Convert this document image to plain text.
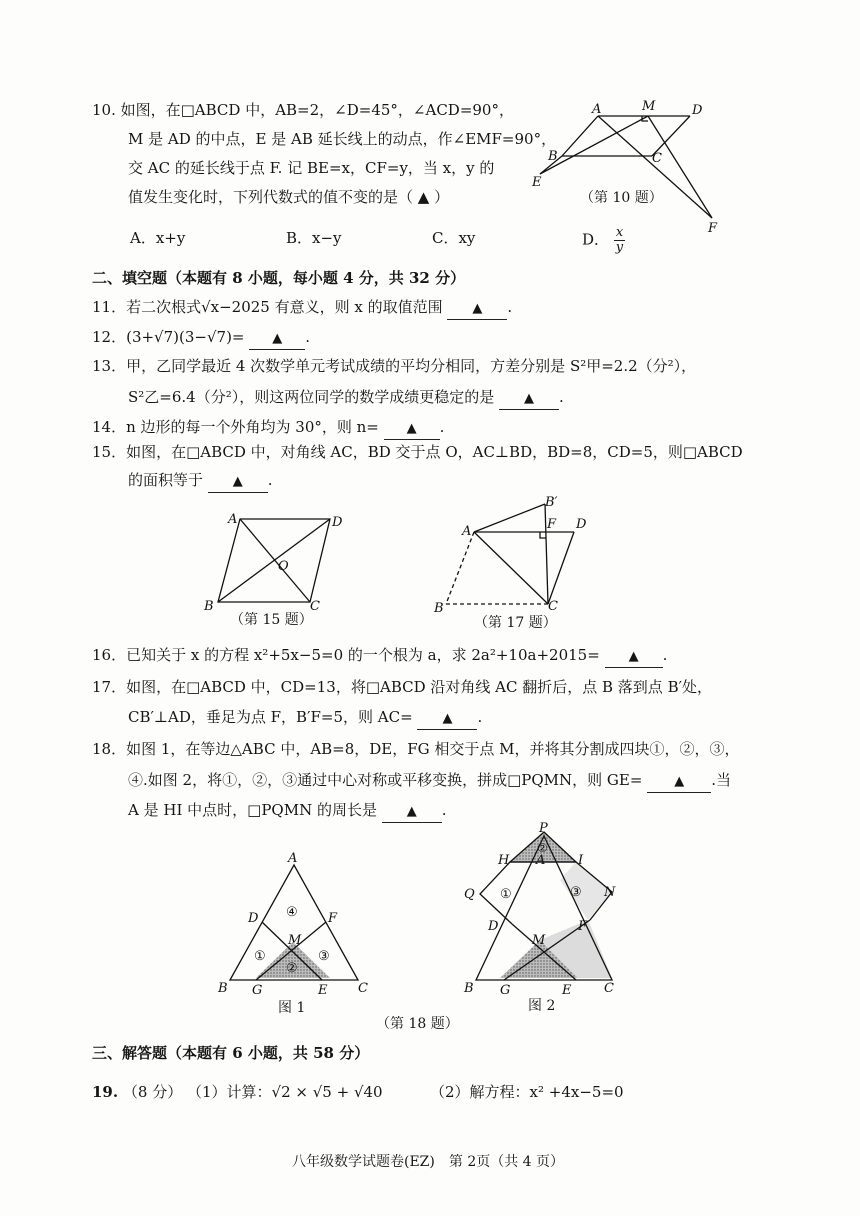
10. 如图，在□ABCD 中，AB=2，∠D=45°，∠ACD=90°，
M 是 AD 的中点，E 是 AB 延长线上的动点，作∠EMF=90°，
交 AC 的延长线于点 F. 记 BE=x，CF=y，当 x，y 的
值发生变化时，下列代数式的值不变的是（ ▲ ）	（第 10 题）
A．x+y	B．x−y	C．xy	D． $\frac{x}{y}$
二、填空题（本题有 8 小题，每小题 4 分，共 32 分）
11．若二次根式√x−2025 有意义，则 x 的取值范围 ▲ .
12．(3+√7)(3−√7)= ▲ .
13．甲，乙同学最近 4 次数学单元考试成绩的平均分相同，方差分别是 S²甲=2.2（分²），
S²乙=6.4（分²），则这两位同学的数学成绩更稳定的是 ▲ .
14．n 边形的每一个外角均为 30°，则 n= ▲ .
15．如图，在□ABCD 中，对角线 AC，BD 交于点 O，AC⊥BD，BD=8，CD=5，则□ABCD
的面积等于 ▲ .
（第 15 题）	（第 17 题）
16．已知关于 x 的方程 x²+5x−5=0 的一个根为 a，求 2a²+10a+2015= ▲ .
17．如图，在□ABCD 中，CD=13，将□ABCD 沿对角线 AC 翻折后，点 B 落到点 B′处，
CB′⊥AD，垂足为点 F，B′F=5，则 AC= ▲ .
18．如图 1，在等边△ABC 中，AB=8，DE，FG 相交于点 M，并将其分割成四块①，②，③，
④.如图 2，将①，②，③通过中心对称或平移变换，拼成□PQMN，则 GE= ▲ .当
A 是 HI 中点时，□PQMN 的周长是 ▲ .
图 1	图 2
（第 18 题）
三、解答题（本题有 6 小题，共 58 分）
19. （8 分） （1）计算：√2 × √5 + √40	（2）解方程：x² +4x−5=0
八年级数学试题卷(EZ)　第 2页（共 4 页）
A	M	D
B	C
E
F
A	D
O
B	C
B′
A	F D
B	C
A
D	F
M
B G	E C
①
②
③
④
P
H A	I
Q	N
D	F
M
B G	E	C
①
②
③
